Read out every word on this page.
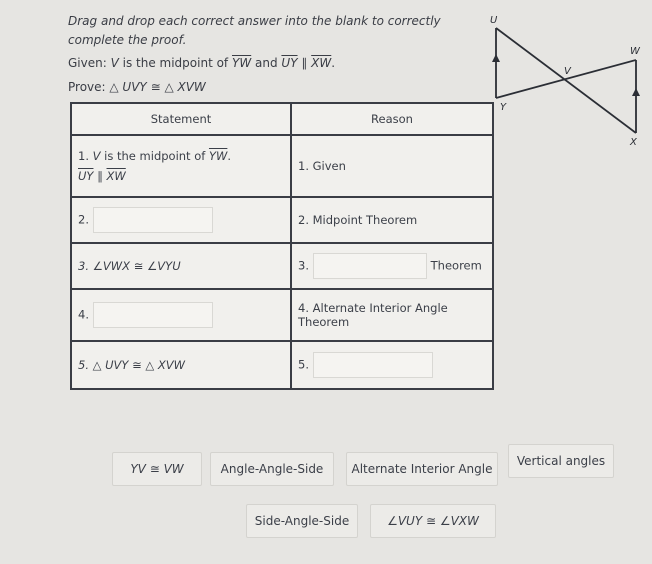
Drag and drop each correct answer into the blank to correctly complete the proof.
Given: V is the midpoint of $\overline{YW}$ and $\overline{UY}$ ∥ $\overline{XW}$.
Prove: △ UVY ≅ △ XVW
U
W
V
Y
X
Statement	Reason
1. V is the midpoint of $\overline{YW}$.
$\overline{UY}$ ∥ $\overline{XW}$	1. Given
2.	2. Midpoint Theorem
3. ∠VWX ≅ ∠VYU	3. Theorem
4.	4. Alternate Interior Angle Theorem
5. △ UVY ≅ △ XVW	5.
YV ≅ VW	Angle-Angle-Side	Alternate Interior Angle
Vertical angles
Side-Angle-Side	∠VUY ≅ ∠VXW
